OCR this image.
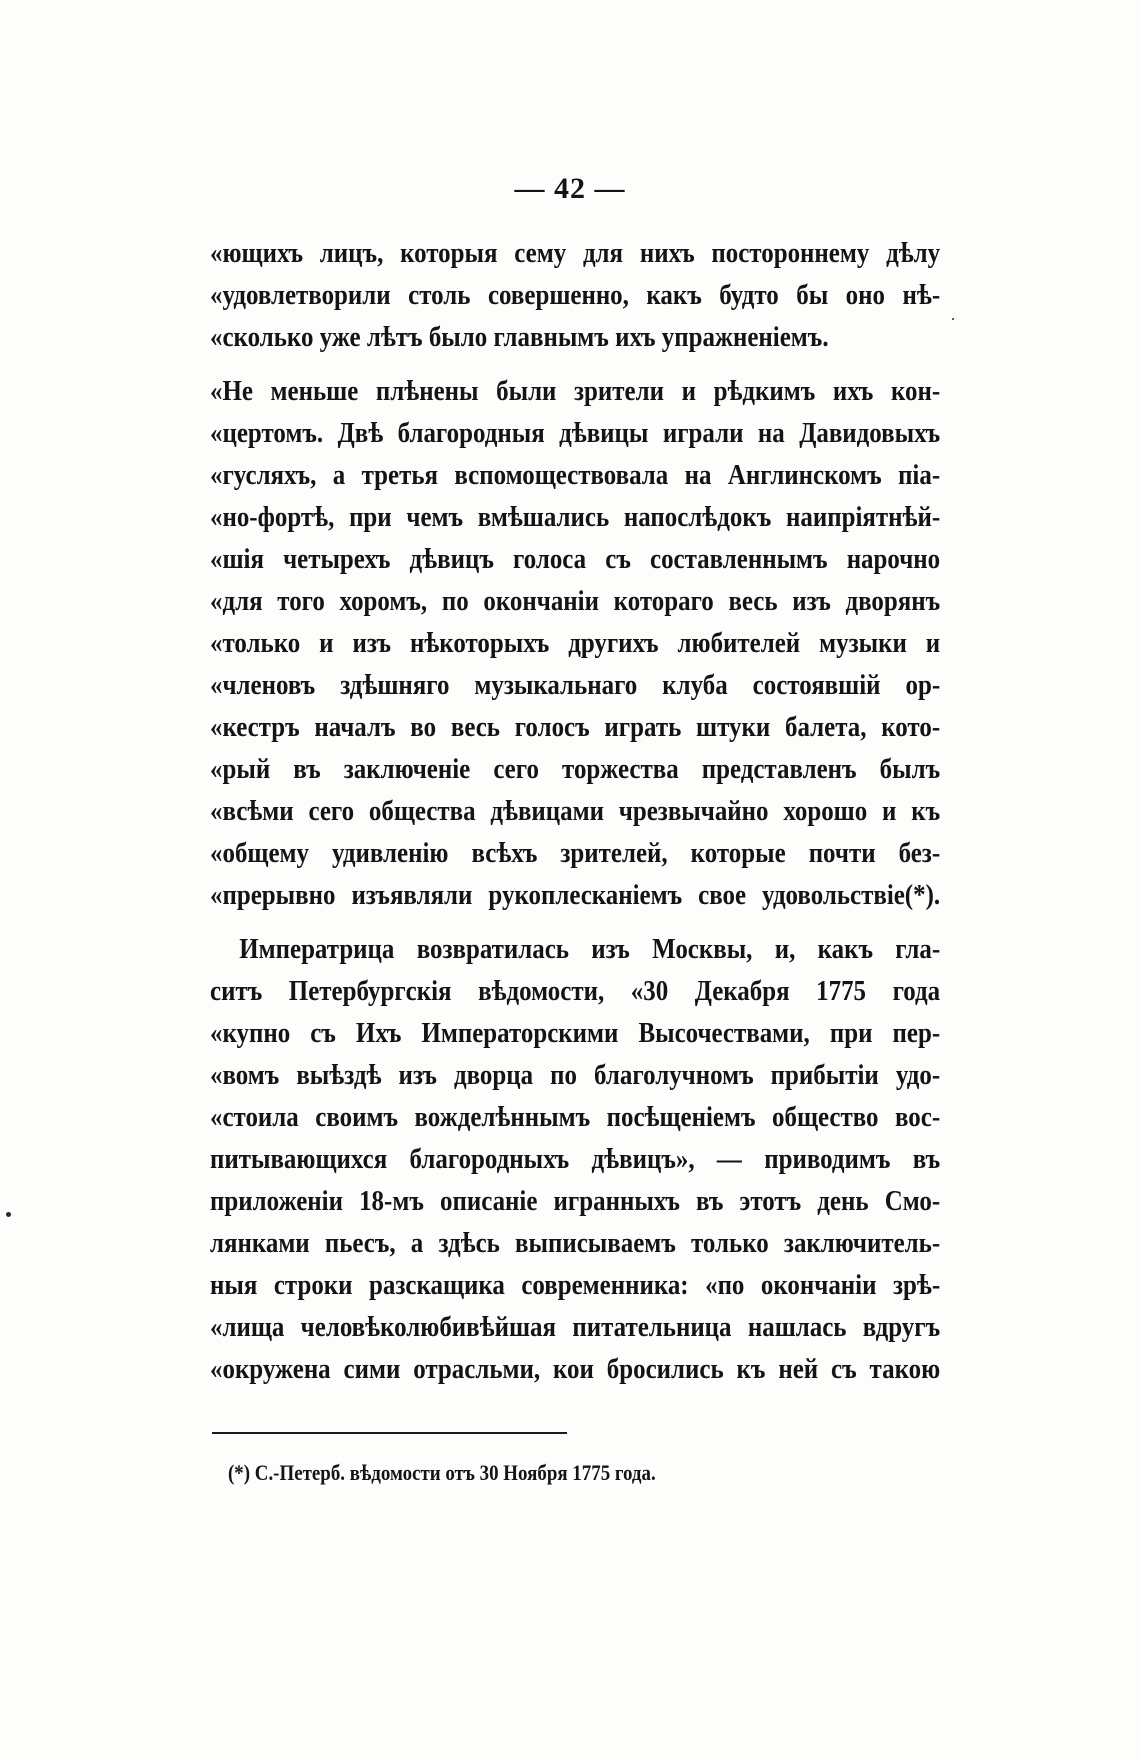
— 42 —
«ющихъ лицъ, которыя сему для нихъ постороннему дѣлу
«удовлетворили столь совершенно, какъ будто бы оно нѣ-
«сколько уже лѣтъ было главнымъ ихъ упражненіемъ.
«Не меньше плѣнены были зрители и рѣдкимъ ихъ кон-
«цертомъ. Двѣ благородныя дѣвицы играли на Давидовыхъ
«гусляхъ, а третья вспомоществовала на Англинскомъ піа-
«но-фортѣ, при чемъ вмѣшались напослѣдокъ наипріятнѣй-
«шія четырехъ дѣвицъ голоса съ составленнымъ нарочно
«для того хоромъ, по окончаніи котораго весь изъ дворянъ
«только и изъ нѣкоторыхъ другихъ любителей музыки и
«членовъ здѣшняго музыкальнаго клуба состоявшій ор-
«кестръ началъ во весь голосъ играть штуки балета, кото-
«рый въ заключеніе сего торжества представленъ былъ
«всѣми сего общества дѣвицами чрезвычайно хорошо и къ
«общему удивленію всѣхъ зрителей, которые почти без-
«прерывно изъявляли рукоплесканіемъ свое удовольствіе(*).
Императрица возвратилась изъ Москвы, и, какъ гла-
ситъ Петербургскія вѣдомости, «30 Декабря 1775 года
«купно съ Ихъ Императорскими Высочествами, при пер-
«вомъ выѣздѣ изъ дворца по благолучномъ прибытіи удо-
«стоила своимъ вожделѣннымъ посѣщеніемъ общество вос-
питывающихся благородныхъ дѣвицъ», — приводимъ въ
приложеніи 18-мъ описаніе игранныхъ въ этотъ день Смо-
лянками пьесъ, а здѣсь выписываемъ только заключитель-
ныя строки разскащика современника: «по окончаніи зрѣ-
«лища человѣколюбивѣйшая питательница нашлась вдругъ
«окружена сими отрасльми, кои бросились къ ней съ такою
(*) С.-Петерб. вѣдомости отъ 30 Ноября 1775 года.
